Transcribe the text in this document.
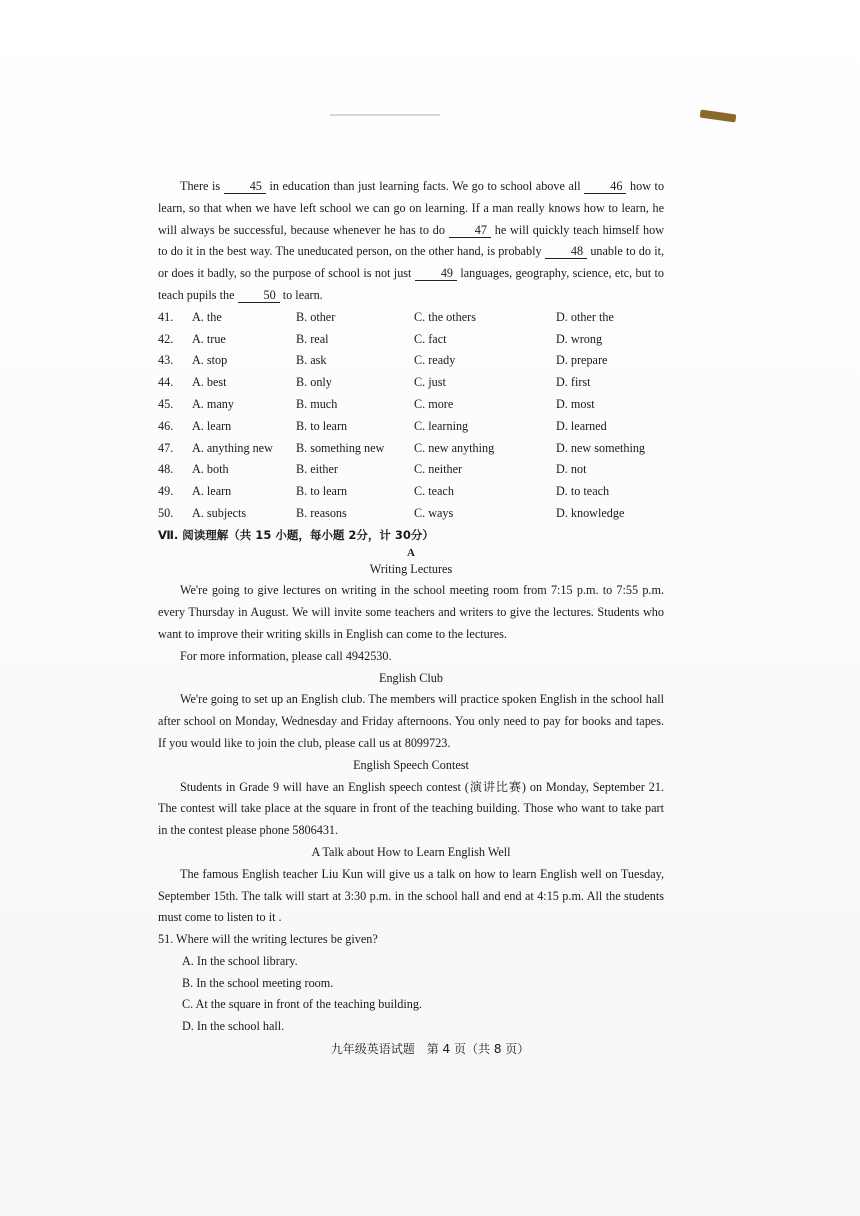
There is 45 in education than just learning facts. We go to school above all 46 how to learn, so that when we have left school we can go on learning. If a man really knows how to learn, he will always be successful, because whenever he has to do 47 he will quickly teach himself how to do it in the best way. The uneducated person, on the other hand, is probably 48 unable to do it, or does it badly, so the purpose of school is not just 49 languages, geography, science, etc, but to teach pupils the 50 to learn.
41.	A. the	B. other	C. the others	D. other the
42.	A. true	B. real	C. fact	D. wrong
43.	A. stop	B. ask	C. ready	D. prepare
44.	A. best	B. only	C. just	D. first
45.	A. many	B. much	C. more	D. most
46.	A. learn	B. to learn	C. learning	D. learned
47.	A. anything new	B. something new	C. new anything	D. new something
48.	A. both	B. either	C. neither	D. not
49.	A. learn	B. to learn	C. teach	D. to teach
50.	A. subjects	B. reasons	C. ways	D. knowledge
Ⅶ. 阅读理解（共 15 小题，每小题 2分，计 30分）
A
Writing Lectures
We're going to give lectures on writing in the school meeting room from 7:15 p.m. to 7:55 p.m. every Thursday in August. We will invite some teachers and writers to give the lectures. Students who want to improve their writing skills in English can come to the lectures.
For more information, please call 4942530.
English Club
We're going to set up an English club. The members will practice spoken English in the school hall after school on Monday, Wednesday and Friday afternoons. You only need to pay for books and tapes. If you would like to join the club, please call us at 8099723.
English Speech Contest
Students in Grade 9 will have an English speech contest (演讲比赛) on Monday, September 21. The contest will take place at the square in front of the teaching building. Those who want to take part in the contest please phone 5806431.
A Talk about How to Learn English Well
The famous English teacher Liu Kun will give us a talk on how to learn English well on Tuesday, September 15th. The talk will start at 3:30 p.m. in the school hall and end at 4:15 p.m. All the students must come to listen to it .
51. Where will the writing lectures be given?
A. In the school library.
B. In the school meeting room.
C. At the square in front of the teaching building.
D. In the school hall.
九年级英语试题　第 4 页（共 8 页）
